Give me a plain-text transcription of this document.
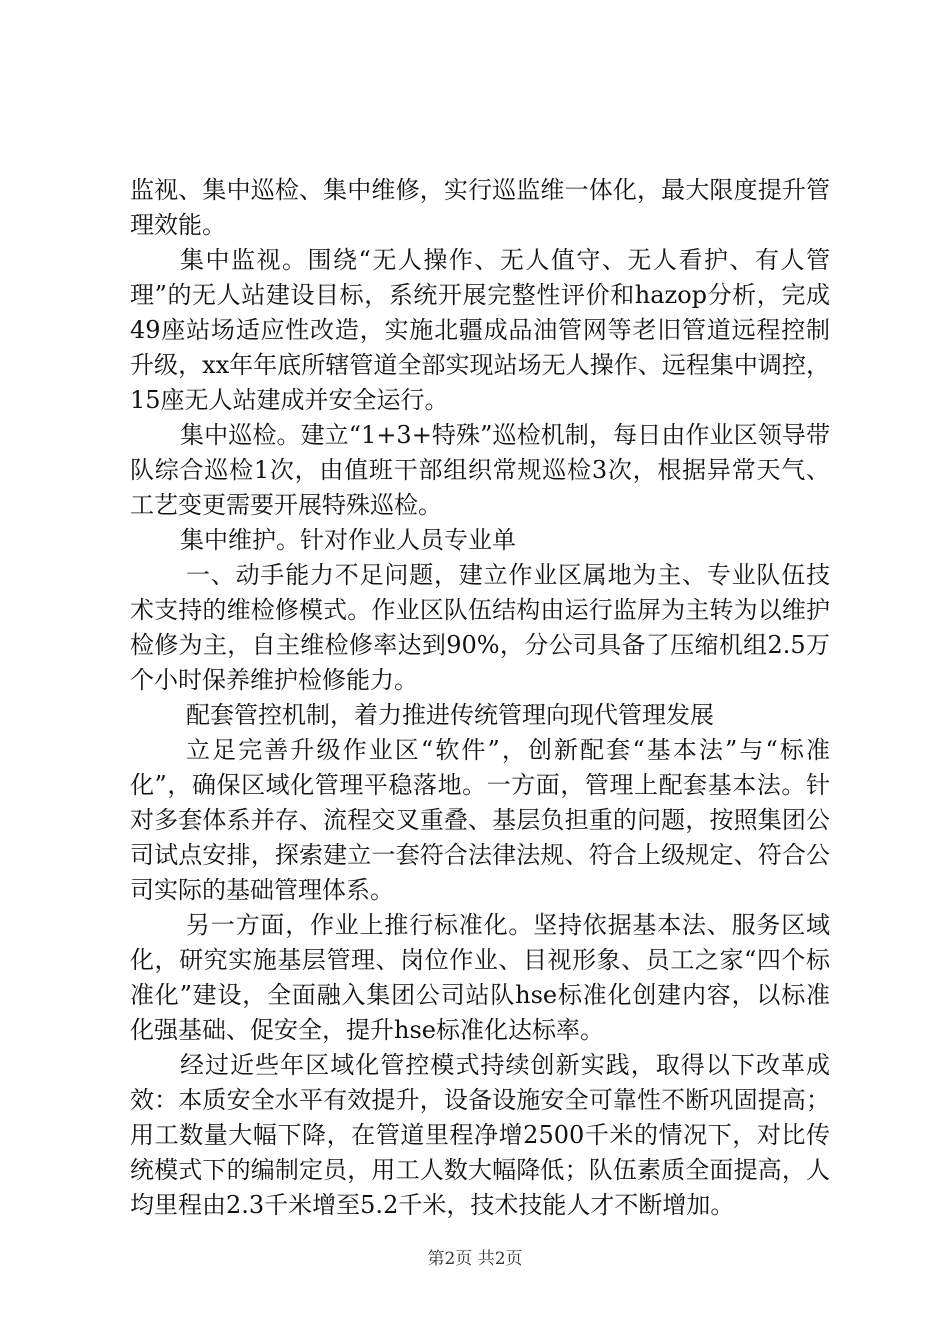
监视、集中巡检、集中维修，实行巡监维一体化，最大限度提升管理效能。

集中监视。围绕“无人操作、无人值守、无人看护、有人管理”的无人站建设目标，系统开展完整性评价和hazop分析，完成49座站场适应性改造，实施北疆成品油管网等老旧管道远程控制升级，xx年年底所辖管道全部实现站场无人操作、远程集中调控，15座无人站建成并安全运行。

集中巡检。建立“1+3+特殊”巡检机制，每日由作业区领导带队综合巡检1次，由值班干部组织常规巡检3次，根据异常天气、工艺变更需要开展特殊巡检。

集中维护。针对作业人员专业单

一、动手能力不足问题，建立作业区属地为主、专业队伍技术支持的维检修模式。作业区队伍结构由运行监屏为主转为以维护检修为主，自主维检修率达到90%，分公司具备了压缩机组2.5万个小时保养维护检修能力。

配套管控机制，着力推进传统管理向现代管理发展

立足完善升级作业区“软件”，创新配套“基本法”与“标准化”，确保区域化管理平稳落地。一方面，管理上配套基本法。针对多套体系并存、流程交叉重叠、基层负担重的问题，按照集团公司试点安排，探索建立一套符合法律法规、符合上级规定、符合公司实际的基础管理体系。

另一方面，作业上推行标准化。坚持依据基本法、服务区域化，研究实施基层管理、岗位作业、目视形象、员工之家“四个标准化”建设，全面融入集团公司站队hse标准化创建内容，以标准化强基础、促安全，提升hse标准化达标率。

经过近些年区域化管控模式持续创新实践，取得以下改革成效：本质安全水平有效提升，设备设施安全可靠性不断巩固提高；用工数量大幅下降，在管道里程净增2500千米的情况下，对比传统模式下的编制定员，用工人数大幅降低；队伍素质全面提高，人均里程由2.3千米增至5.2千米，技术技能人才不断增加。

第2页 共2页
